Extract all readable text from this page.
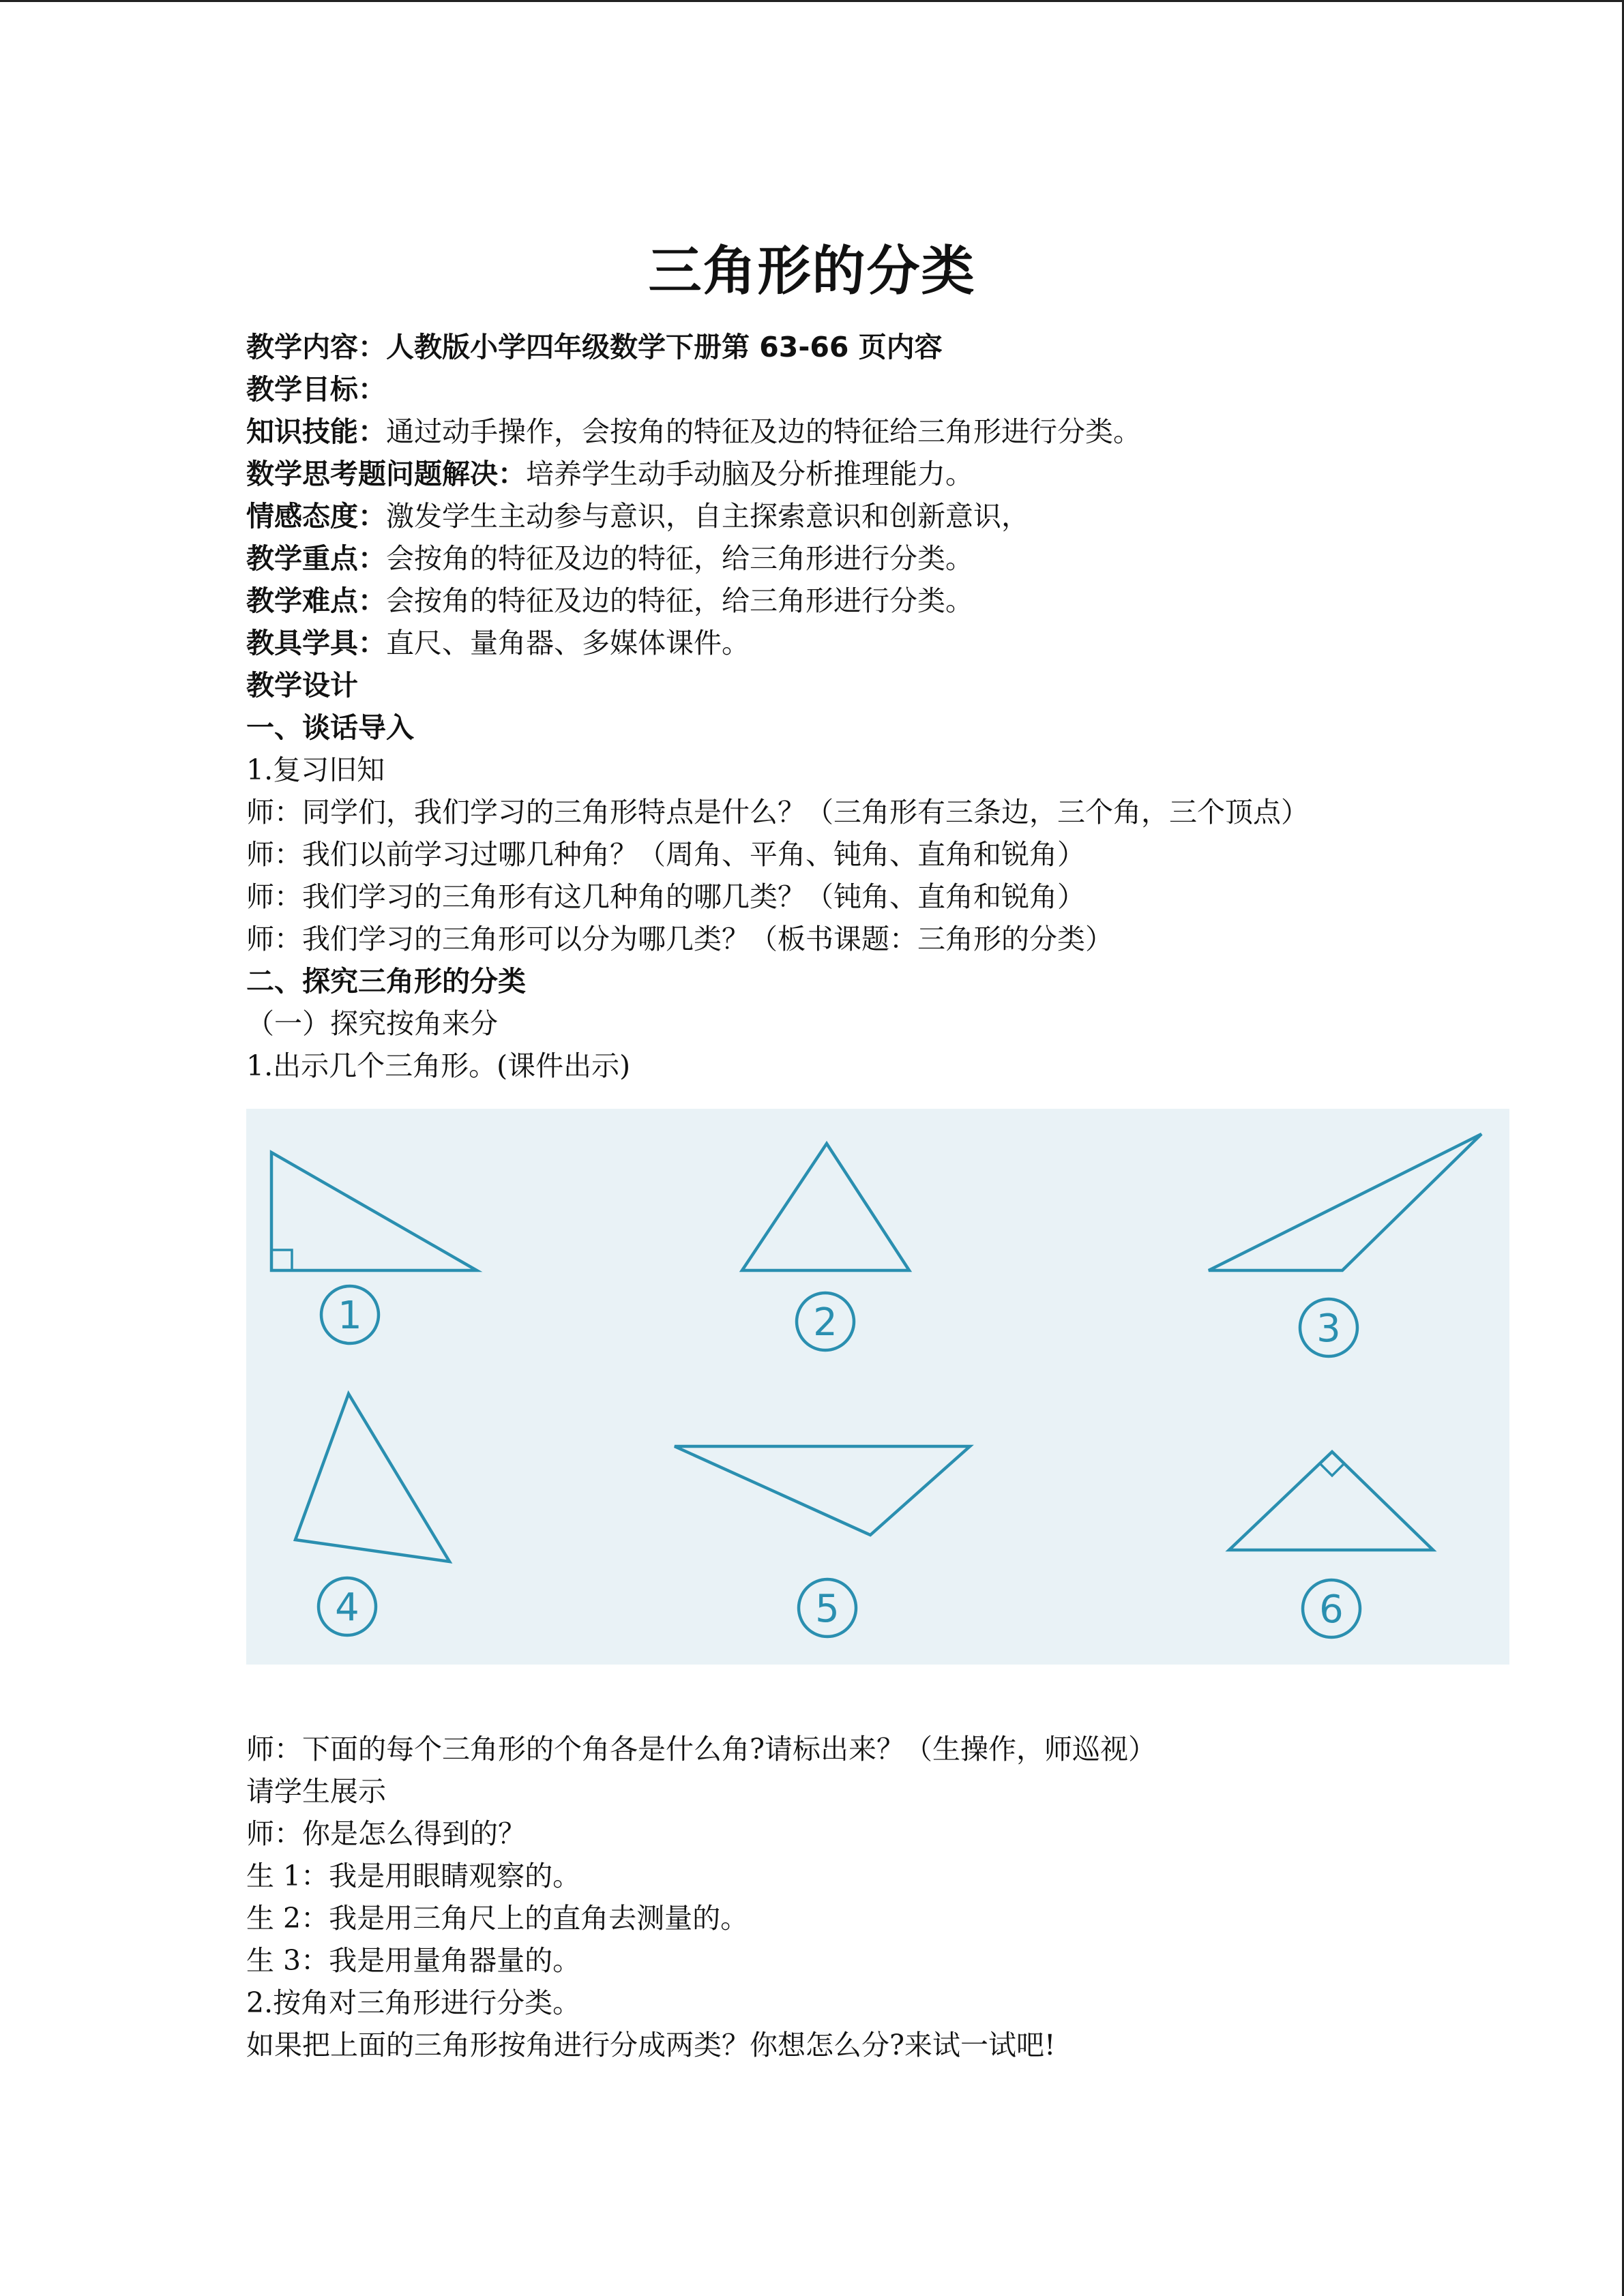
三角形的分类
教学内容：人教版小学四年级数学下册第 63-66 页内容
教学目标：
知识技能：通过动手操作，会按角的特征及边的特征给三角形进行分类。
数学思考题问题解决：培养学生动手动脑及分析推理能力。
情感态度：激发学生主动参与意识，自主探索意识和创新意识，
教学重点：会按角的特征及边的特征，给三角形进行分类。
教学难点：会按角的特征及边的特征，给三角形进行分类。
教具学具：直尺、量角器、多媒体课件。
教学设计
一、谈话导入
1.复习旧知
师：同学们，我们学习的三角形特点是什么？（三角形有三条边，三个角，三个顶点）
师：我们以前学习过哪几种角？（周角、平角、钝角、直角和锐角）
师：我们学习的三角形有这几种角的哪几类？（钝角、直角和锐角）
师：我们学习的三角形可以分为哪几类？（板书课题：三角形的分类）
二、探究三角形的分类
（一）探究按角来分
1.出示几个三角形。(课件出示)
1	2	3
4	5	6
师：下面的每个三角形的个角各是什么角?请标出来？（生操作，师巡视）
请学生展示
师：你是怎么得到的？
生 1：我是用眼睛观察的。
生 2：我是用三角尺上的直角去测量的。
生 3：我是用量角器量的。
2.按角对三角形进行分类。
如果把上面的三角形按角进行分成两类？你想怎么分?来试一试吧!
